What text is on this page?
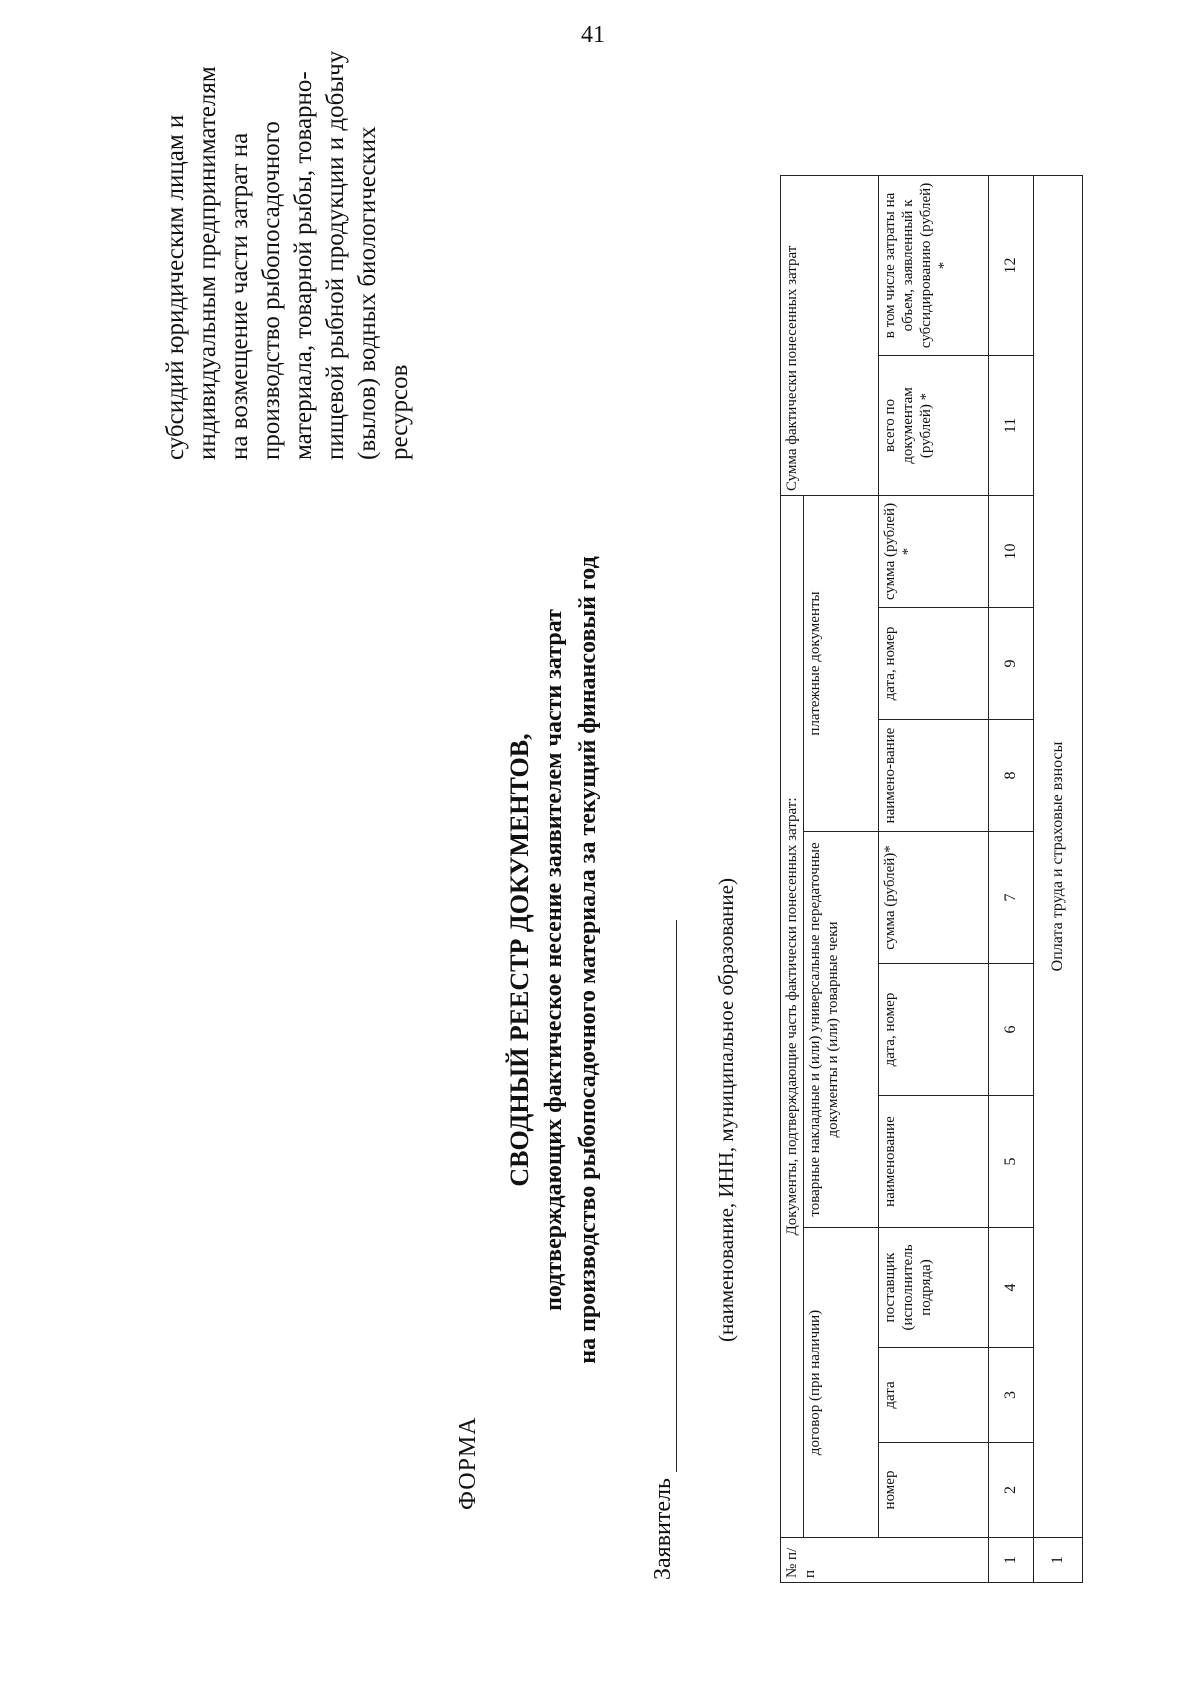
41
субсидий юридическим лицам и индивидуальным предпринимателям на возмещение части затрат на производство рыбопосадочного материала, товарной рыбы, товарно-пищевой рыбной продукции и добычу (вылов) водных биологических ресурсов
ФОРМА
СВОДНЫЙ РЕЕСТР ДОКУМЕНТОВ, подтверждающих фактическое несение заявителем части затрат на производство рыбопосадочного материала за текущий финансовый год
Заявитель
(наименование, ИНН, муниципальное образование)
№ п/п	Документы, подтверждающие часть фактически понесенных затрат:									Сумма фактически понесенных затрат	
	договор (при наличии)			товарные накладные и (или) универсальные передаточные документы и (или) товарные чеки			платежные документы				
	номер	дата	поставщик (исполнитель подряда)	наименование	дата, номер	сумма (рублей)*	наимено-вание	дата, номер	сумма (рублей) *	всего по документам (рублей) *	в том числе затраты на объем, заявленный к субсидированию (рублей) *
1	2	3	4	5	6	7	8	9	10	11	12
1	Оплата труда и страховые взносы										
